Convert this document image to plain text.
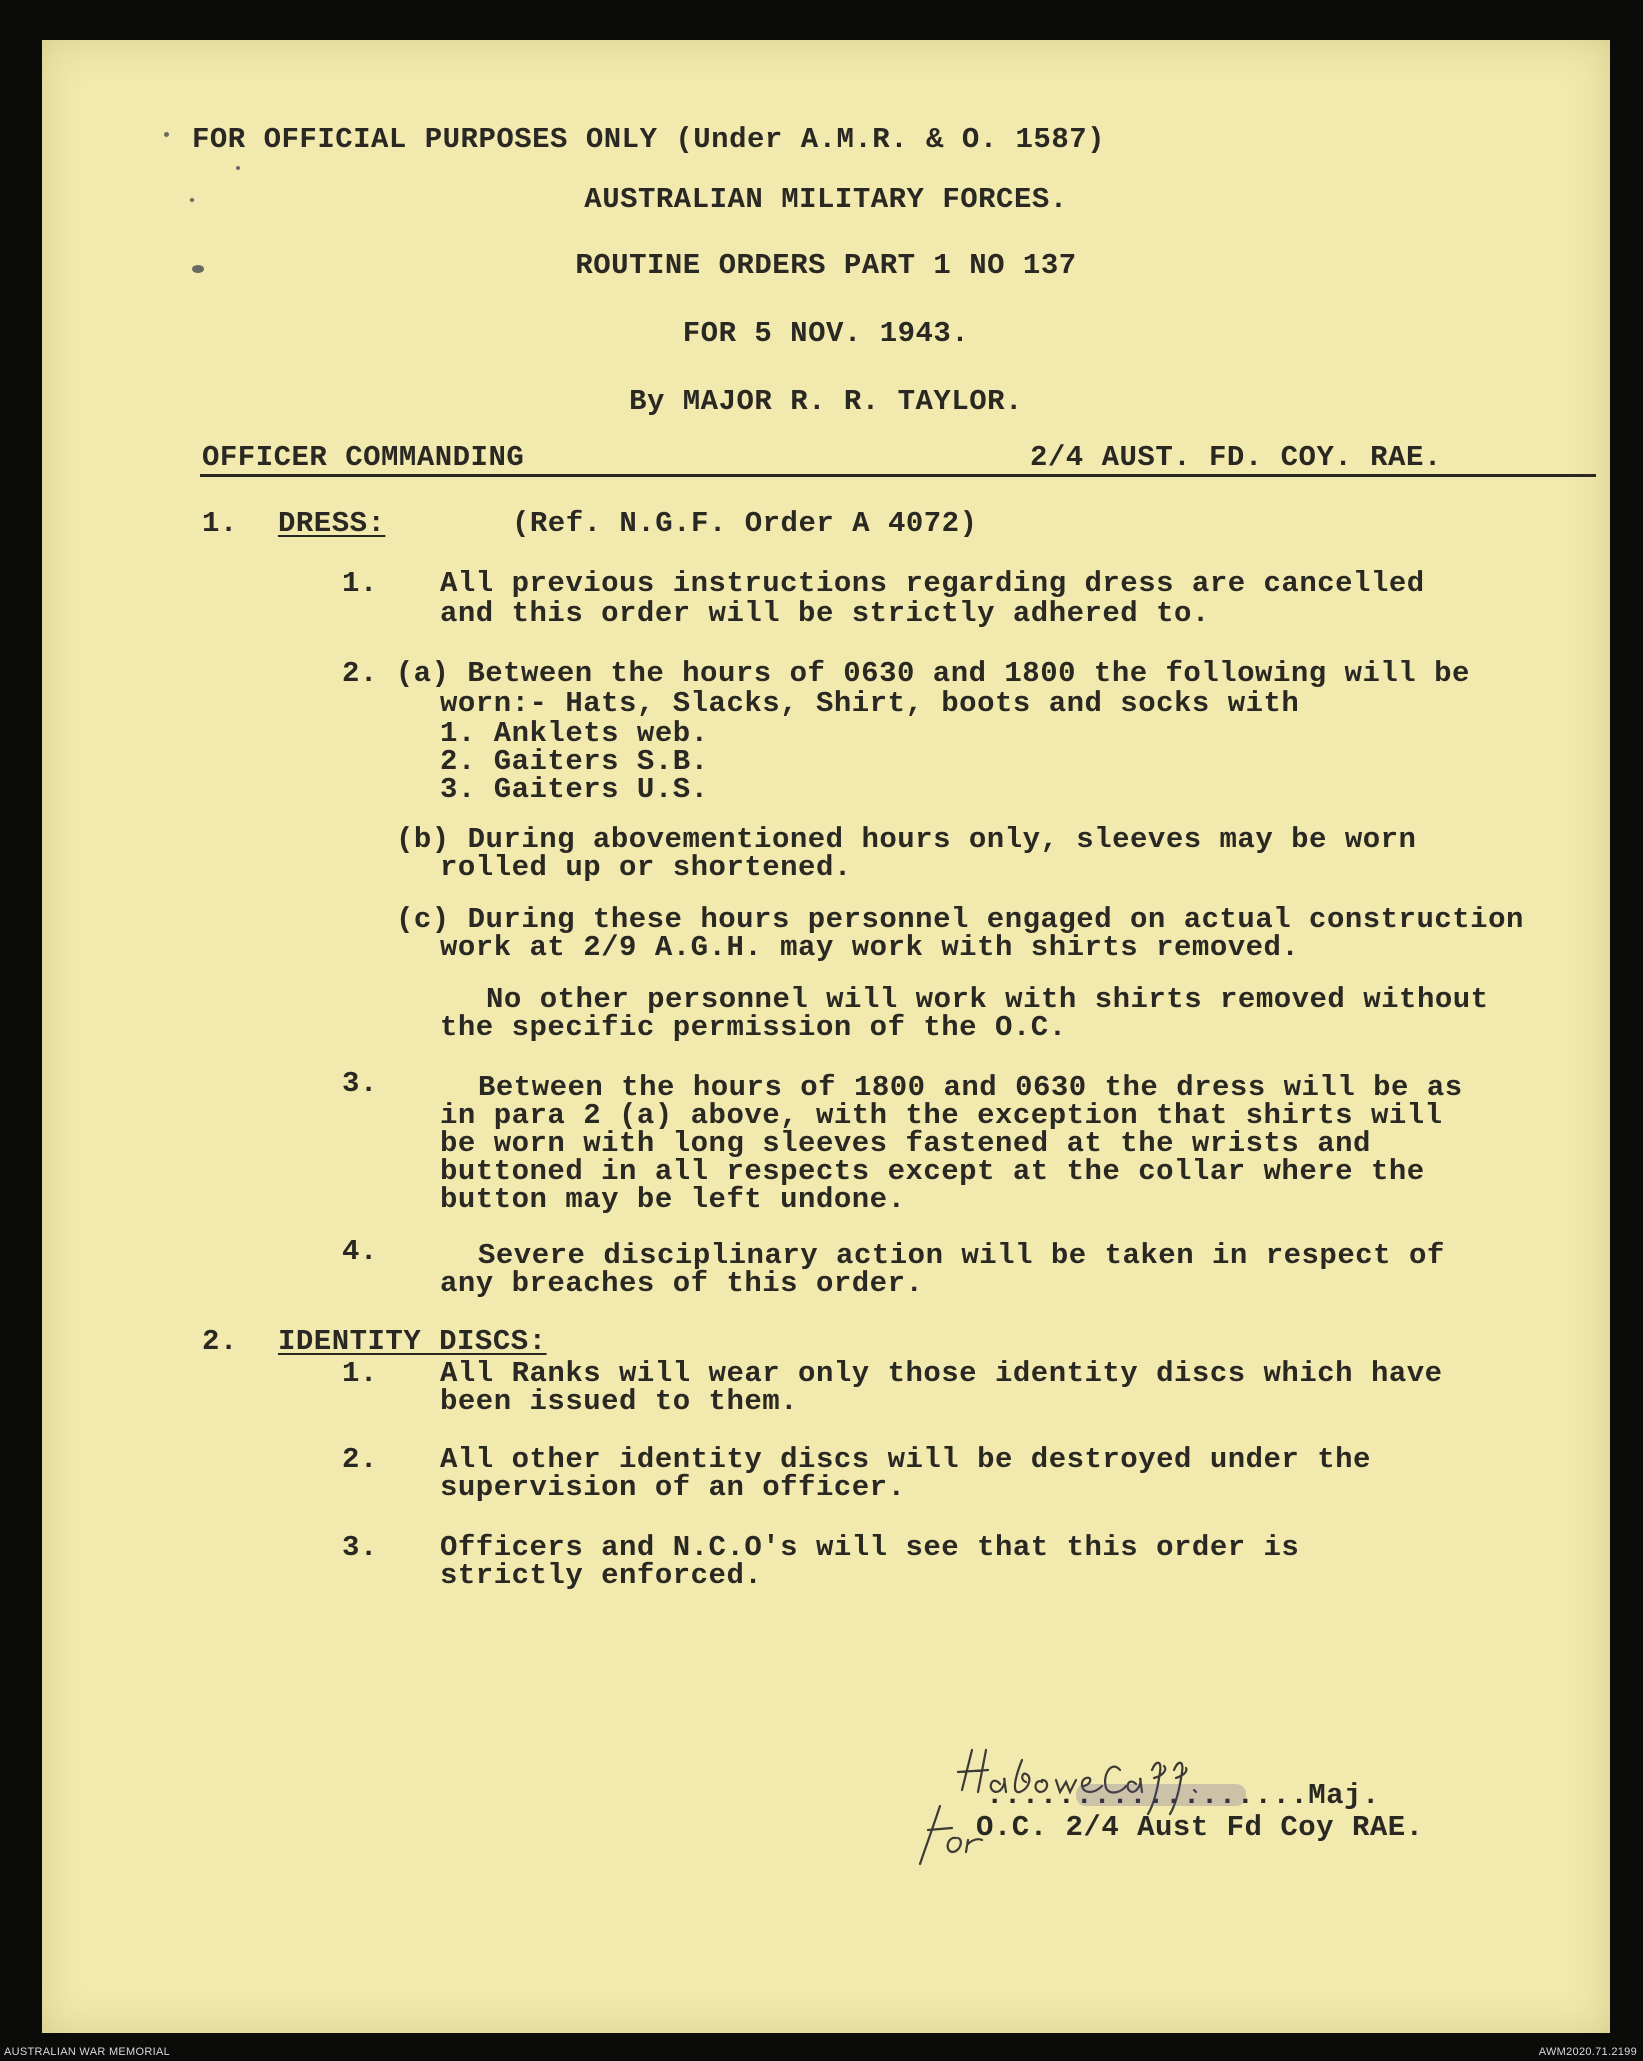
FOR OFFICIAL PURPOSES ONLY (Under A.M.R. & O. 1587)
AUSTRALIAN MILITARY FORCES.
ROUTINE ORDERS PART 1 NO 137
FOR 5 NOV. 1943.
By MAJOR R. R. TAYLOR.
OFFICER COMMANDING	2/4 AUST. FD. COY. RAE.
1. DRESS:	(Ref. N.G.F. Order A 4072)
1. All previous instructions regarding dress are cancelled
and this order will be strictly adhered to.
2. (a) Between the hours of 0630 and 1800 the following will be
worn:- Hats, Slacks, Shirt, boots and socks with
1. Anklets web.
2. Gaiters S.B.
3. Gaiters U.S.
(b) During abovementioned hours only, sleeves may be worn
rolled up or shortened.
(c) During these hours personnel engaged on actual construction
work at 2/9 A.G.H. may work with shirts removed.
No other personnel will work with shirts removed without
the specific permission of the O.C.
3.	Between the hours of 1800 and 0630 the dress will be as
in para 2 (a) above, with the exception that shirts will
be worn with long sleeves fastened at the wrists and
buttoned in all respects except at the collar where the
button may be left undone.
4.	Severe disciplinary action will be taken in respect of
any breaches of this order.
2. IDENTITY DISCS:
1. All Ranks will wear only those identity discs which have
been issued to them.
2. All other identity discs will be destroyed under the
supervision of an officer.
3. Officers and N.C.O's will see that this order is
strictly enforced.
..................Maj.
O.C. 2/4 Aust Fd Coy RAE.
AUSTRALIAN WAR MEMORIAL	AWM2020.71.2199
